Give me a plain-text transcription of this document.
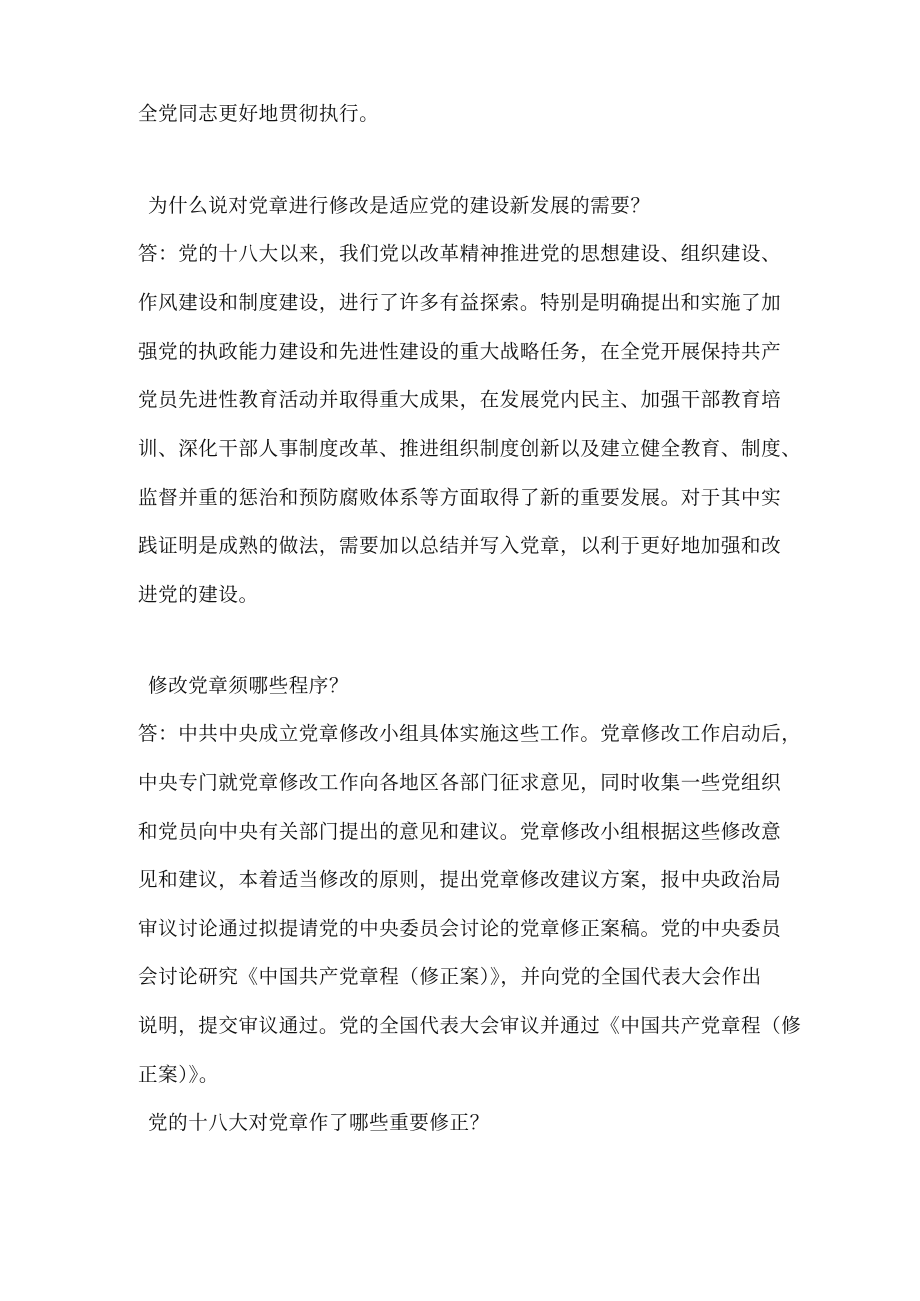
全党同志更好地贯彻执行。
为什么说对党章进行修改是适应党的建设新发展的需要？
答：党的十八大以来，我们党以改革精神推进党的思想建设、组织建设、
作风建设和制度建设，进行了许多有益探索。特别是明确提出和实施了加
强党的执政能力建设和先进性建设的重大战略任务，在全党开展保持共产
党员先进性教育活动并取得重大成果，在发展党内民主、加强干部教育培
训、深化干部人事制度改革、推进组织制度创新以及建立健全教育、制度、
监督并重的惩治和预防腐败体系等方面取得了新的重要发展。对于其中实
践证明是成熟的做法，需要加以总结并写入党章，以利于更好地加强和改
进党的建设。
修改党章须哪些程序？
答：中共中央成立党章修改小组具体实施这些工作。党章修改工作启动后，
中央专门就党章修改工作向各地区各部门征求意见，同时收集一些党组织
和党员向中央有关部门提出的意见和建议。党章修改小组根据这些修改意
见和建议，本着适当修改的原则，提出党章修改建议方案，报中央政治局
审议讨论通过拟提请党的中央委员会讨论的党章修正案稿。党的中央委员
会讨论研究《中国共产党章程（修正案）》，并向党的全国代表大会作出
说明，提交审议通过。党的全国代表大会审议并通过《中国共产党章程（修
正案）》。
党的十八大对党章作了哪些重要修正？
